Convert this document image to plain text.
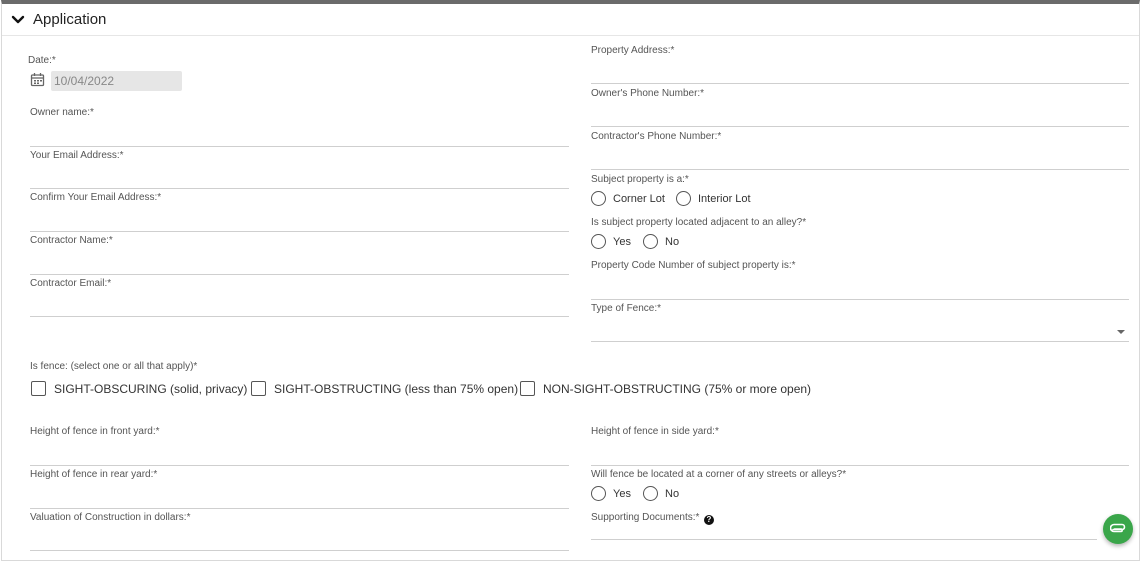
Application
Date:*
10/04/2022
Owner name:*
Your Email Address:*
Confirm Your Email Address:*
Contractor Name:*
Contractor Email:*
Property Address:*
Owner's Phone Number:*
Contractor's Phone Number:*
Subject property is a:*
Corner Lot	Interior Lot
Is subject property located adjacent to an alley?*
Yes	No
Property Code Number of subject property is:*
Type of Fence:*
Is fence: (select one or all that apply)*
SIGHT-OBSCURING (solid, privacy) SIGHT-OBSTRUCTING (less than 75% open) NON-SIGHT-OBSTRUCTING (75% or more open)
Height of fence in front yard:*
Height of fence in rear yard:*
Valuation of Construction in dollars:*
Height of fence in side yard:*
Will fence be located at a corner of any streets or alleys?*
Yes	No
Supporting Documents:* ?
